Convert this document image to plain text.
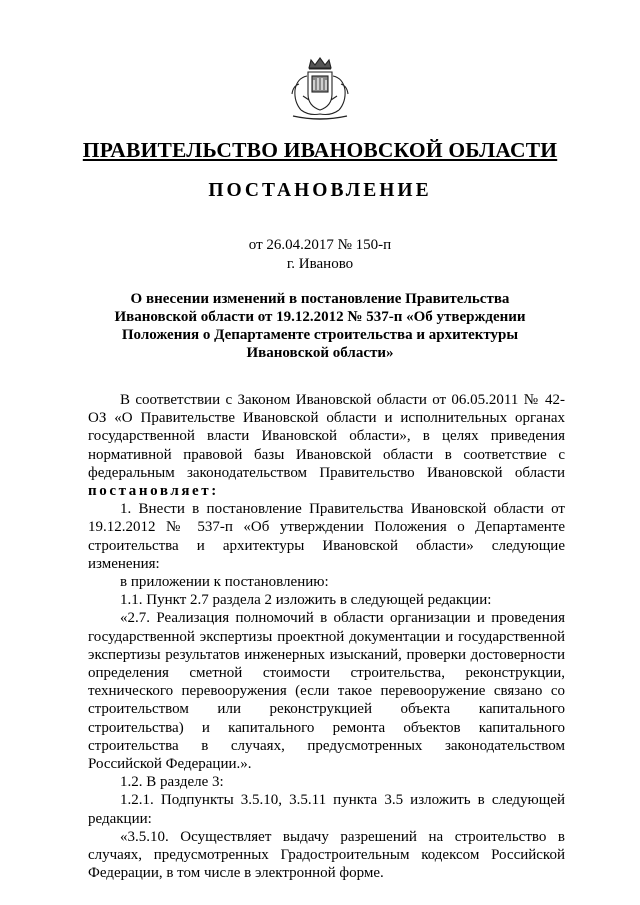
ПРАВИТЕЛЬСТВО ИВАНОВСКОЙ ОБЛАСТИ
ПОСТАНОВЛЕНИЕ
от 26.04.2017 № 150-п
г. Иваново
О внесении изменений в постановление Правительства
Ивановской области от 19.12.2012 № 537-п «Об утверждении
Положения о Департаменте строительства и архитектуры
Ивановской области»

В соответствии с Законом Ивановской области от 06.05.2011 № 42-ОЗ «О Правительстве Ивановской области и исполнительных органах государственной власти Ивановской области», в целях приведения нормативной правовой базы Ивановской области в соответствие с федеральным законодательством Правительство Ивановской области постановляет:

1. Внести в постановление Правительства Ивановской области от 19.12.2012 № 537-п «Об утверждении Положения о Департаменте строительства и архитектуры Ивановской области» следующие изменения:

в приложении к постановлению:

1.1. Пункт 2.7 раздела 2 изложить в следующей редакции:

«2.7. Реализация полномочий в области организации и проведения государственной экспертизы проектной документации и государственной экспертизы результатов инженерных изысканий, проверки достоверности определения сметной стоимости строительства, реконструкции, технического перевооружения (если такое перевооружение связано со строительством или реконструкцией объекта капитального строительства) и капитального ремонта объектов капитального строительства в случаях, предусмотренных законодательством Российской Федерации.».

1.2. В разделе 3:

1.2.1. Подпункты 3.5.10, 3.5.11 пункта 3.5 изложить в следующей редакции:

«3.5.10. Осуществляет выдачу разрешений на строительство в случаях, предусмотренных Градостроительным кодексом Российской Федерации, в том числе в электронной форме.
